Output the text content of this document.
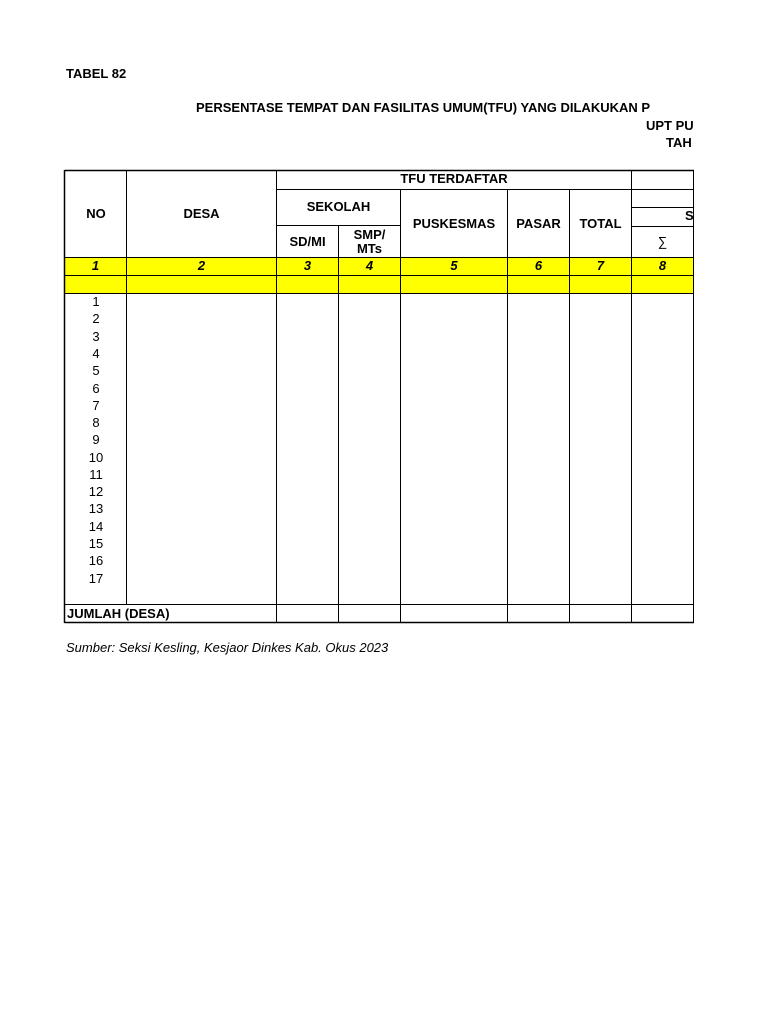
TABEL 82
PERSENTASE TEMPAT DAN FASILITAS UMUM(TFU) YANG DILAKUKAN P
UPT PU
TAH
NO	DESA
TFU TERDAFTAR
SEKOLAH
SD/MI	SMP/
MTs
PUSKESMAS	PASAR	TOTAL
S
∑
1	2	3	4	5	6	7	8
1
2
3
4
5
6
7
8
9
10
11
12
13
14
15
16
17
JUMLAH (DESA)
Sumber: Seksi Kesling, Kesjaor Dinkes Kab. Okus 2023
